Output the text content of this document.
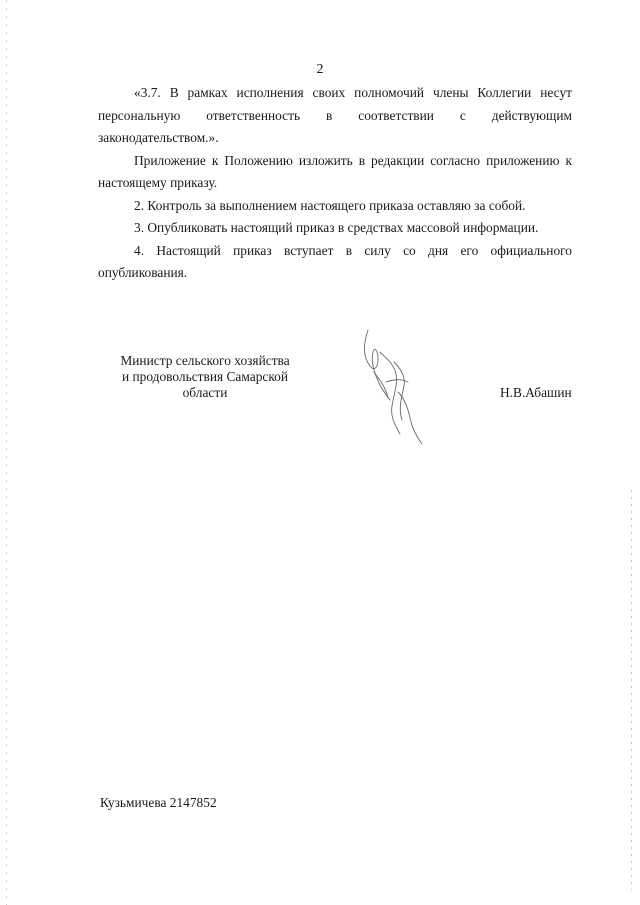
2

«3.7. В рамках исполнения своих полномочий члены Коллегии несут персональную ответственность в соответствии с действующим законодательством.».

Приложение к Положению изложить в редакции согласно приложению к настоящему приказу.

2. Контроль за выполнением настоящего приказа оставляю за собой.

3. Опубликовать настоящий приказ в средствах массовой информации.

4. Настоящий приказ вступает в силу со дня его официального опубликования.

Министр сельского хозяйства
и продовольствия Самарской
области	Н.В.Абашин
Кузьмичева 2147852
